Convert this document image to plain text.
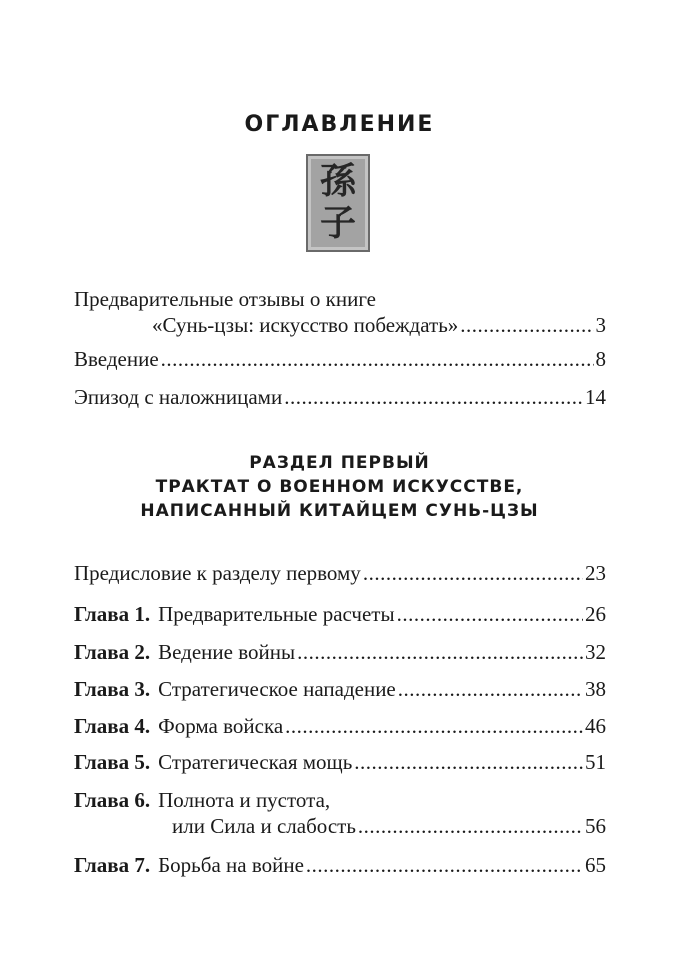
ОГЛАВЛЕНИЕ
孫
子
Предварительные отзывы о книге
«Сунь-цзы: искусство побеждать» .....	3
Введение .....	8
Эпизод с наложницами .....	14
РАЗДЕЛ ПЕРВЫЙ
ТРАКТАТ О ВОЕННОМ ИСКУССТВЕ,
НАПИСАННЫЙ КИТАЙЦЕМ СУНЬ-ЦЗЫ
Предисловие к разделу первому .....	23
Глава 1. Предварительные расчеты .....	26
Глава 2. Ведение войны .....	32
Глава 3. Стратегическое нападение .....	38
Глава 4. Форма войска .....	46
Глава 5. Стратегическая мощь .....	51
Глава 6. Полнота и пустота,
или Сила и слабость .....	56
Глава 7. Борьба на войне .....	65
